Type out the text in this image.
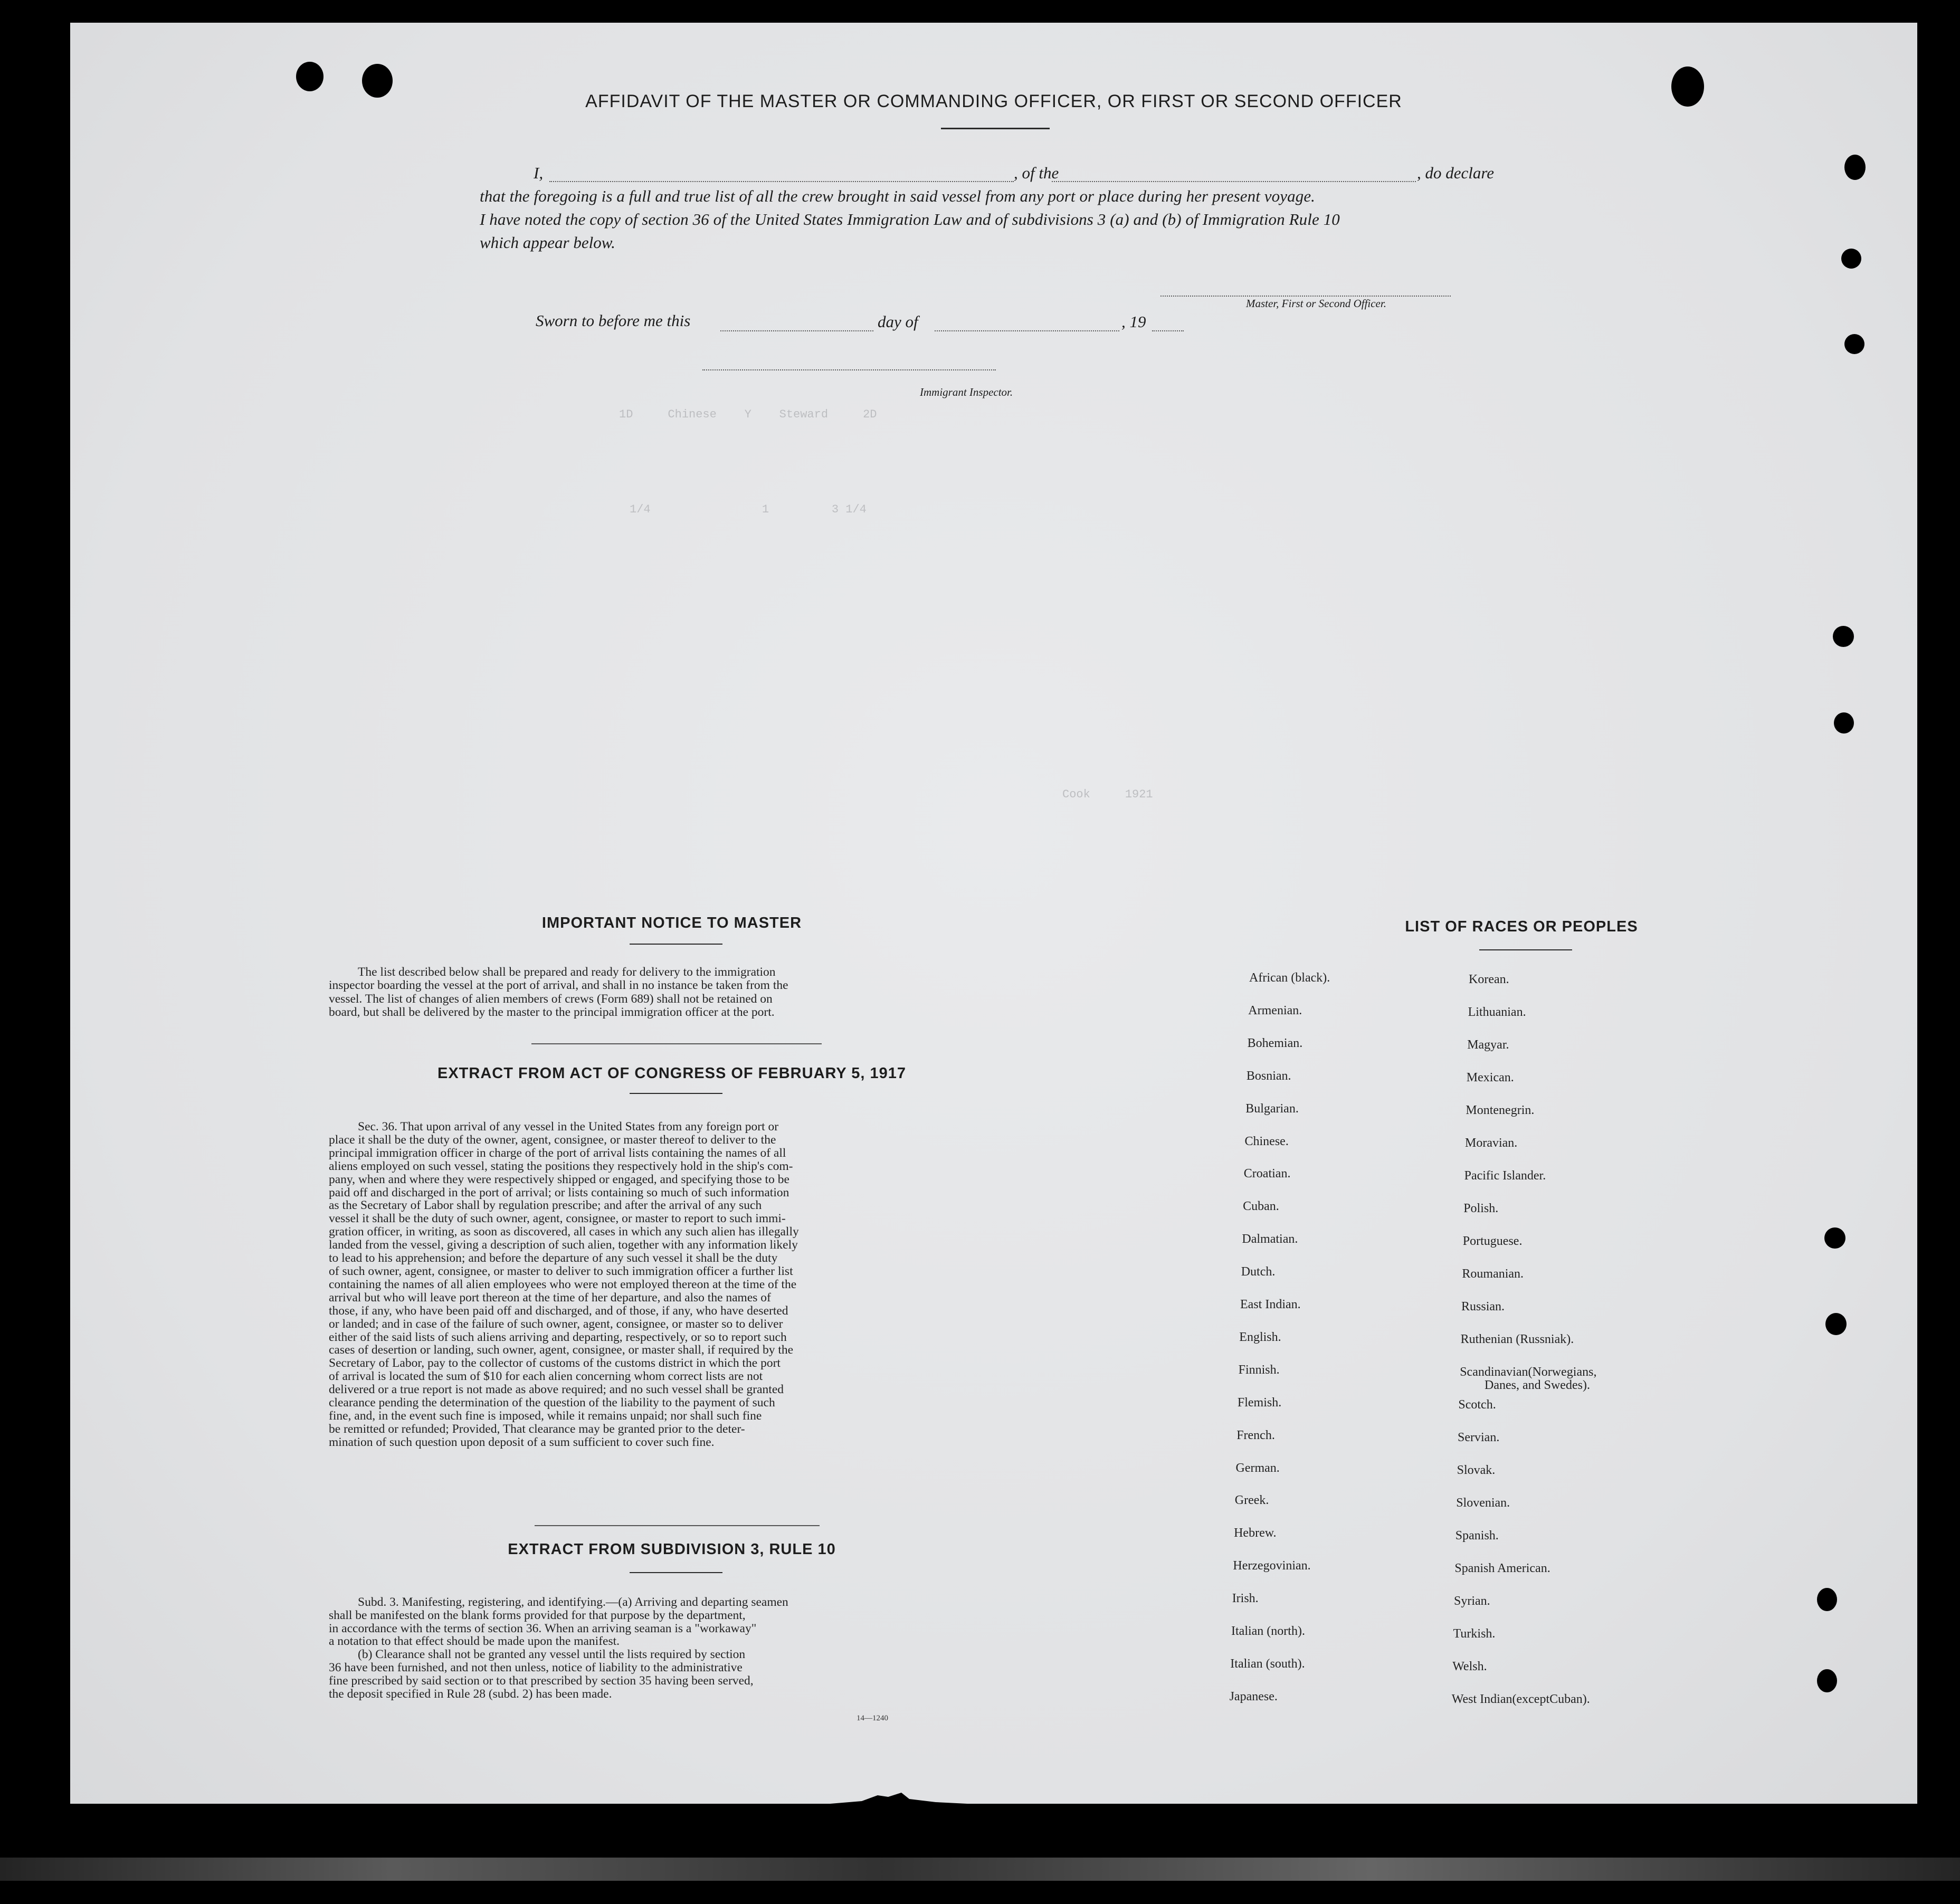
1D     Chinese    Y    Steward     2D
1/4                1         3 1/4
Cook     1921
AFFIDAVIT OF THE MASTER OR COMMANDING OFFICER, OR FIRST OR SECOND OFFICER
I,	, of the	, do declare
that the foregoing is a full and true list of all the crew brought in said vessel from any port or place during her present voyage.
I have noted the copy of section 36 of the United States Immigration Law and of subdivisions 3 (a) and (b) of Immigration Rule 10
which appear below.
Master, First or Second Officer.
Sworn to before me this	day of	, 19
Immigrant Inspector.
IMPORTANT NOTICE TO MASTER
The list described below shall be prepared and ready for delivery to the immigration
inspector boarding the vessel at the port of arrival, and shall in no instance be taken from the
vessel. The list of changes of alien members of crews (Form 689) shall not be retained on
board, but shall be delivered by the master to the principal immigration officer at the port.
EXTRACT FROM ACT OF CONGRESS OF FEBRUARY 5, 1917
Sec. 36. That upon arrival of any vessel in the United States from any foreign port or
place it shall be the duty of the owner, agent, consignee, or master thereof to deliver to the
principal immigration officer in charge of the port of arrival lists containing the names of all
aliens employed on such vessel, stating the positions they respectively hold in the ship's com-
pany, when and where they were respectively shipped or engaged, and specifying those to be
paid off and discharged in the port of arrival; or lists containing so much of such information
as the Secretary of Labor shall by regulation prescribe; and after the arrival of any such
vessel it shall be the duty of such owner, agent, consignee, or master to report to such immi-
gration officer, in writing, as soon as discovered, all cases in which any such alien has illegally
landed from the vessel, giving a description of such alien, together with any information likely
to lead to his apprehension; and before the departure of any such vessel it shall be the duty
of such owner, agent, consignee, or master to deliver to such immigration officer a further list
containing the names of all alien employees who were not employed thereon at the time of the
arrival but who will leave port thereon at the time of her departure, and also the names of
those, if any, who have been paid off and discharged, and of those, if any, who have deserted
or landed; and in case of the failure of such owner, agent, consignee, or master so to deliver
either of the said lists of such aliens arriving and departing, respectively, or so to report such
cases of desertion or landing, such owner, agent, consignee, or master shall, if required by the
Secretary of Labor, pay to the collector of customs of the customs district in which the port
of arrival is located the sum of $10 for each alien concerning whom correct lists are not
delivered or a true report is not made as above required; and no such vessel shall be granted
clearance pending the determination of the question of the liability to the payment of such
fine, and, in the event such fine is imposed, while it remains unpaid; nor shall such fine
be remitted or refunded; Provided, That clearance may be granted prior to the deter-
mination of such question upon deposit of a sum sufficient to cover such fine.
EXTRACT FROM SUBDIVISION 3, RULE 10
Subd. 3. Manifesting, registering, and identifying.—(a) Arriving and departing seamen
shall be manifested on the blank forms provided for that purpose by the department,
in accordance with the terms of section 36. When an arriving seaman is a "workaway"
a notation to that effect should be made upon the manifest.
(b) Clearance shall not be granted any vessel until the lists required by section
36 have been furnished, and not then unless, notice of liability to the administrative
fine prescribed by said section or to that prescribed by section 35 having been served,
the deposit specified in Rule 28 (subd. 2) has been made.
14—1240
LIST OF RACES OR PEOPLES
African (black).
Armenian.
Bohemian.
Bosnian.
Bulgarian.
Chinese.
Croatian.
Cuban.
Dalmatian.
Dutch.
East Indian.
English.
Finnish.
Flemish.
French.
German.
Greek.
Hebrew.
Herzegovinian.
Irish.
Italian (north).
Italian (south).
Japanese.
Korean.
Lithuanian.
Magyar.
Mexican.
Montenegrin.
Moravian.
Pacific Islander.
Polish.
Portuguese.
Roumanian.
Russian.
Ruthenian (Russniak).
Scandinavian(Norwegians,
Danes, and Swedes).
Scotch.
Servian.
Slovak.
Slovenian.
Spanish.
Spanish American.
Syrian.
Turkish.
Welsh.
West Indian(exceptCuban).
